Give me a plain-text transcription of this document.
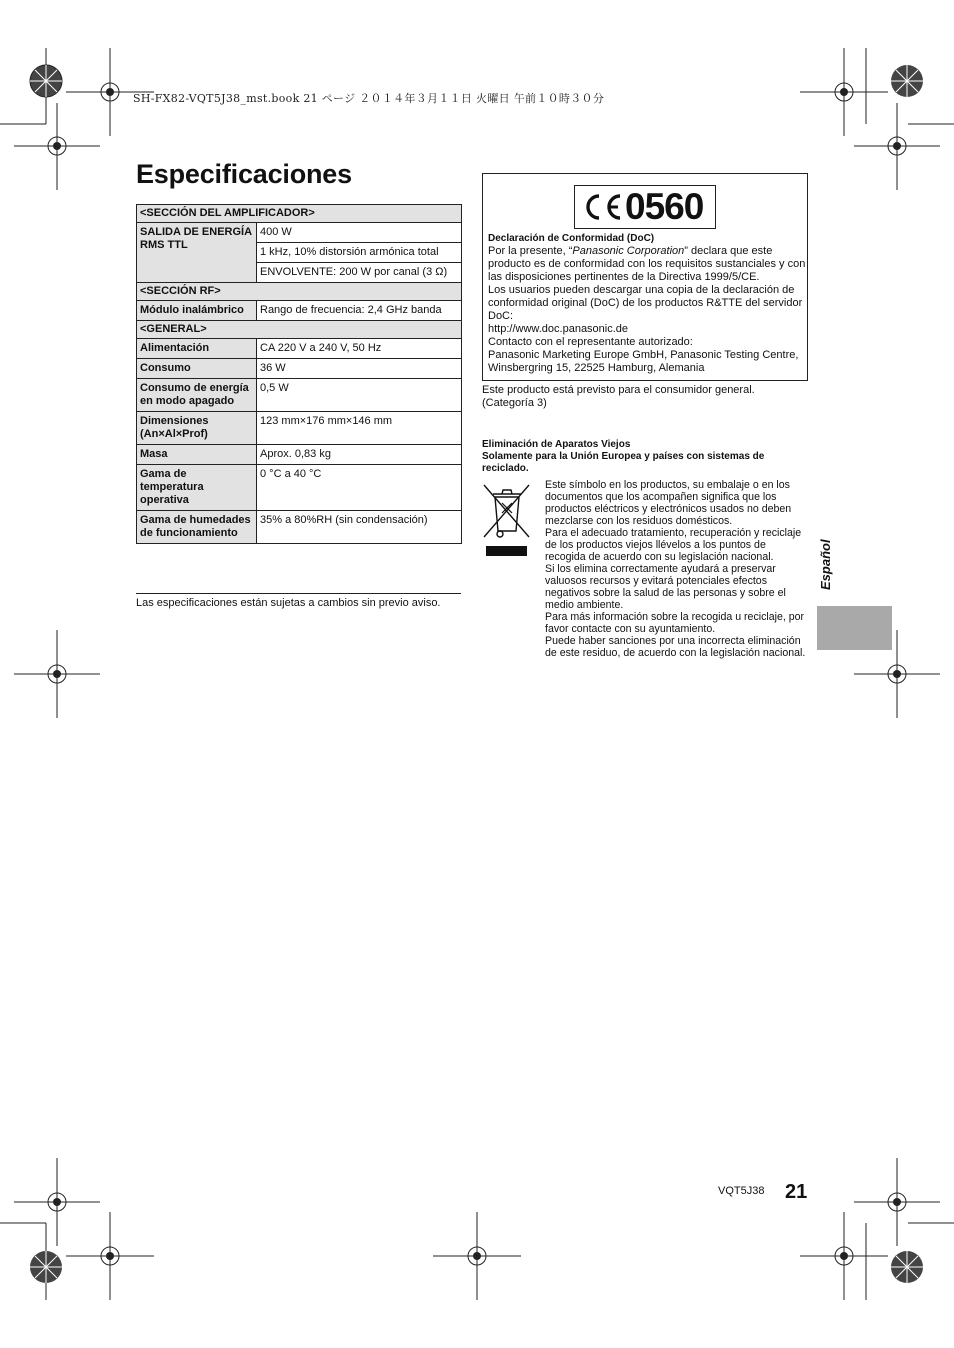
SH-FX82-VQT5J38_mst.book 21 ページ ２０１４年３月１１日 火曜日 午前１０時３０分
Especificaciones
<SECCIÓN DEL AMPLIFICADOR>	
SALIDA DE ENERGÍA RMS TTL	400 W
	1 kHz, 10% distorsión armónica total
	ENVOLVENTE: 200 W por canal (3 Ω)
<SECCIÓN RF>	
Módulo inalámbrico	Rango de frecuencia: 2,4 GHz banda
<GENERAL>	
Alimentación	CA 220 V a 240 V, 50 Hz
Consumo	36 W
Consumo de energía en modo apagado	0,5 W
Dimensiones (An×Al×Prof)	123 mm×176 mm×146 mm
Masa	Aprox. 0,83 kg
Gama de temperatura operativa	0 °C a 40 °C
Gama de humedades de funcionamiento	35% a 80%RH (sin condensación)
Las especificaciones están sujetas a cambios sin previo aviso.
0560
Declaración de Conformidad (DoC)
Por la presente, “Panasonic Corporation” declara que este producto es de conformidad con los requisitos sustanciales y con las disposiciones pertinentes de la Directiva 1999/5/CE.
Los usuarios pueden descargar una copia de la declaración de conformidad original (DoC) de los productos R&TTE del servidor DoC:
http://www.doc.panasonic.de
Contacto con el representante autorizado:
Panasonic Marketing Europe GmbH, Panasonic Testing Centre, Winsbergring 15, 22525 Hamburg, Alemania
Este producto está previsto para el consumidor general. (Categoría 3)
Eliminación de Aparatos Viejos
Solamente para la Unión Europea y países con sistemas de reciclado.
Este símbolo en los productos, su embalaje o en los documentos que los acompañen significa que los productos eléctricos y electrónicos usados no deben mezclarse con los residuos domésticos.
Para el adecuado tratamiento, recuperación y reciclaje de los productos viejos llévelos a los puntos de recogida de acuerdo con su legislación nacional.
Si los elimina correctamente ayudará a preservar valuosos recursos y evitará potenciales efectos negativos sobre la salud de las personas y sobre el medio ambiente.
Para más información sobre la recogida u reciclaje, por favor contacte con su ayuntamiento.
Puede haber sanciones por una incorrecta eliminación de este residuo, de acuerdo con la legislación nacional.
Español
VQT5J38 21
